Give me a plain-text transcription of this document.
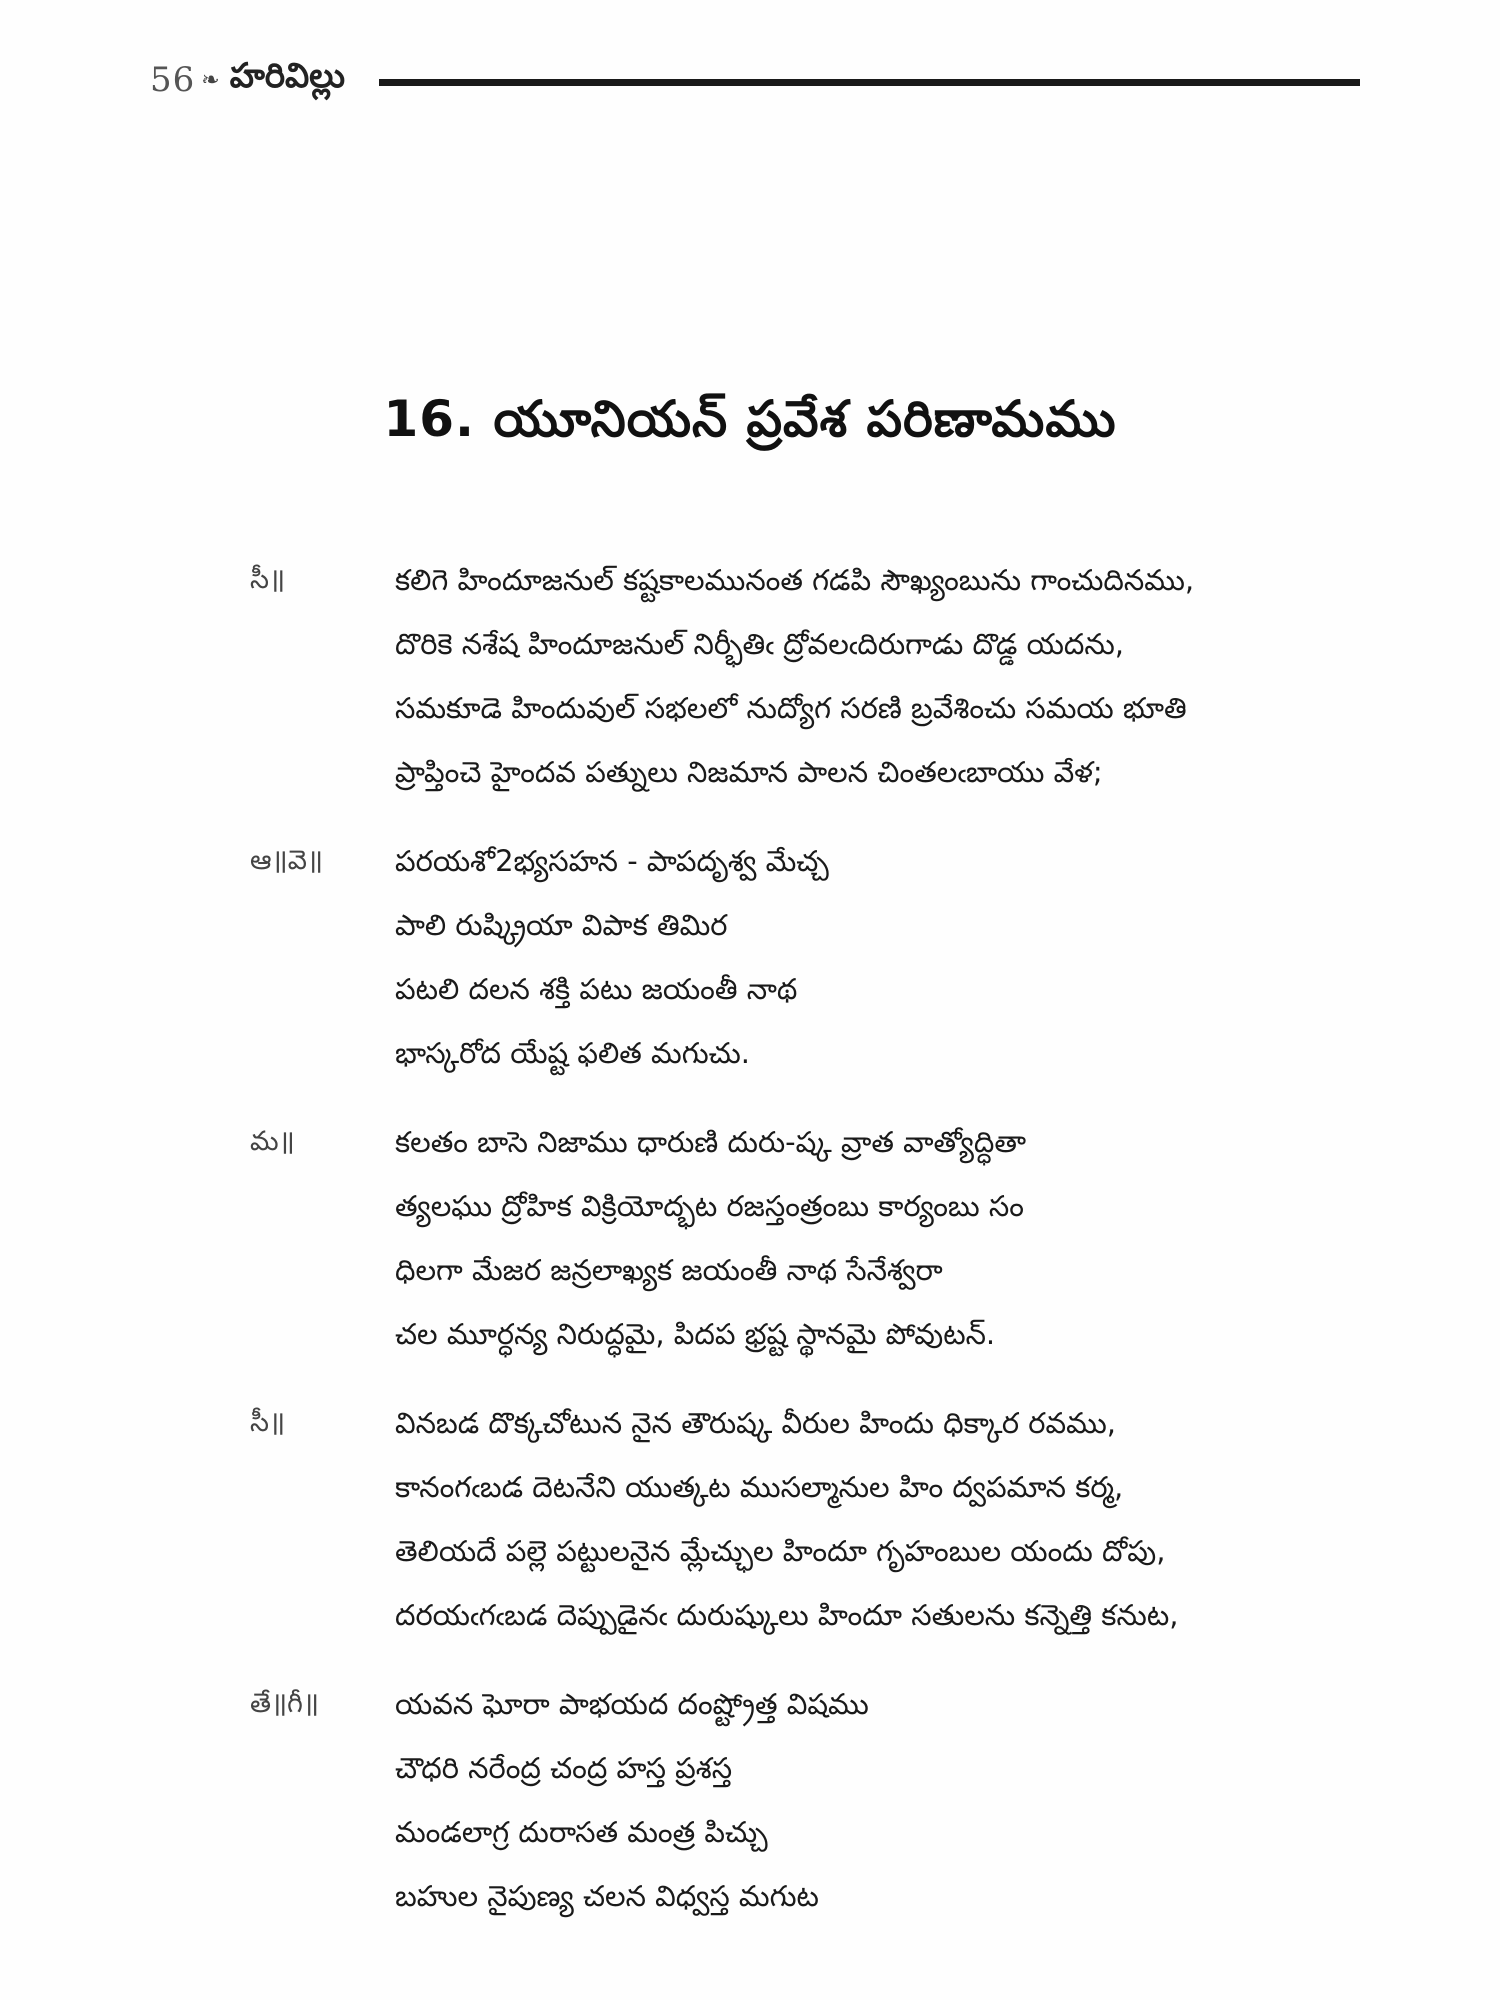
56 ❧ హరివిల్లు
16. యూనియన్ ప్రవేశ పరిణామము
సీ॥	కలిగె హిందూజనుల్ కష్టకాలమునంత గడపి సౌఖ్యంబును గాంచుదినము,
దొరికె నశేష హిందూజనుల్ నిర్భీతిఁ ద్రోవలఁదిరుగాడు దొడ్డ యదను,
సమకూడె హిందువుల్ సభలలో నుద్యోగ సరణి బ్రవేశించు సమయ భూతి
ప్రాప్తించె హైందవ పత్నులు నిజమాన పాలన చింతలఁబాయు వేళ;
ఆ॥వె॥	పరయశో2భ్యసహన - పాపదృశ్వ మేచ్చ
పాలి రుష్క్రియా విపాక తిమిర
పటలి దలన శక్తి పటు జయంతీ నాథ
భాస్కరోద యేష్ట ఫలిత మగుచు.
మ॥	కలతం బాసె నిజాము ధారుణి దురు-ష్క వ్రాత వాత్యోద్ధితా
త్యలఘు ద్రోహిక విక్రియోద్భట రజస్తంత్రంబు కార్యంబు సం
ధిలగా మేజర జన్రలాఖ్యక జయంతీ నాథ సేనేశ్వరా
చల మూర్ధన్య నిరుద్ధమై, పిదప భ్రష్ట స్థానమై పోవుటన్.
సీ॥	వినబడ దొక్కచోటున నైన తౌరుష్క వీరుల హిందు ధిక్కార రవము,
కానంగఁబడ దెటనేని యుత్కట ముసల్మానుల హిం ద్వపమాన కర్మ,
తెలియదే పల్లె పట్టులనైన మ్లేచ్ఛుల హిందూ గృహంబుల యందు దోపు,
దరయఁగఁబడ దెప్పుడైనఁ దురుష్కులు హిందూ సతులను కన్నెత్తి కనుట,
తే॥గీ॥	యవన ఘోరా పాభయద దంష్ట్రోత్త విషము
చౌధరి నరేంద్ర చంద్ర హస్త ప్రశస్త
మండలాగ్ర దురాసత మంత్ర పిచ్చు
బహుల నైపుణ్య చలన విధ్వస్త మగుట
